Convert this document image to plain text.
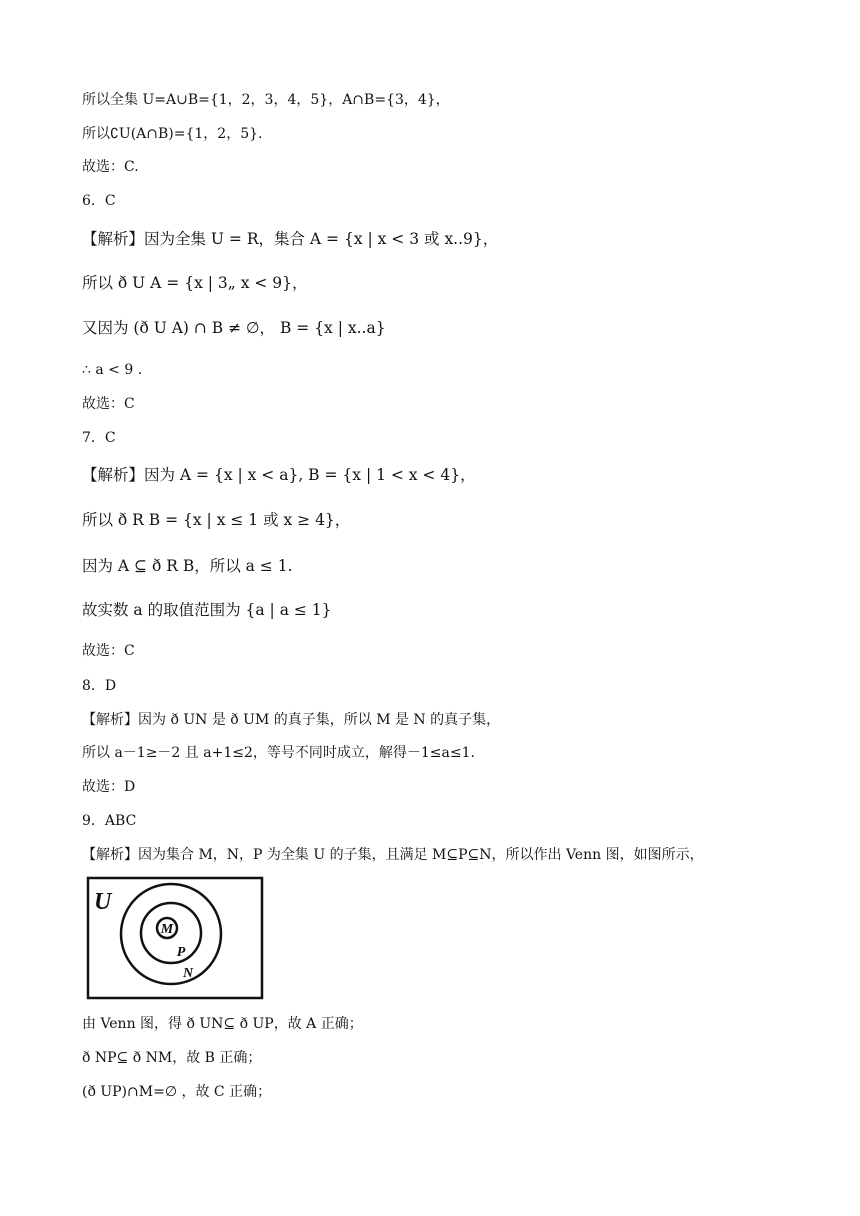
所以全集 U=A∪B={1，2，3，4，5}，A∩B={3，4}，
所以∁U(A∩B)={1，2，5}.
故选：C.
6．C
【解析】因为全集 U = R，集合 A = {x | x < 3 或 x..9}，
所以 ð U A = {x | 3„ x < 9}，
又因为 (ð U A) ∩ B ≠ ∅， B = {x | x..a}
∴ a < 9 .
故选：C
7．C
【解析】因为 A = {x | x < a}, B = {x | 1 < x < 4}，
所以 ð R B = {x | x ≤ 1 或 x ≥ 4}，
因为 A ⊆ ð R B，所以 a ≤ 1.
故实数 a 的取值范围为 {a | a ≤ 1}
故选：C
8．D
【解析】因为 ð UN 是 ð UM 的真子集，所以 M 是 N 的真子集，
所以 a－1≥－2 且 a+1≤2，等号不同时成立，解得－1≤a≤1.
故选：D
9．ABC
【解析】因为集合 M，N，P 为全集 U 的子集，且满足 M⊆P⊆N，所以作出 Venn 图，如图所示，
U
M
P
N
由 Venn 图，得 ð UN⊆ ð UP，故 A 正确；
ð NP⊆ ð NM，故 B 正确；
(ð UP)∩M=∅ ，故 C 正确；
